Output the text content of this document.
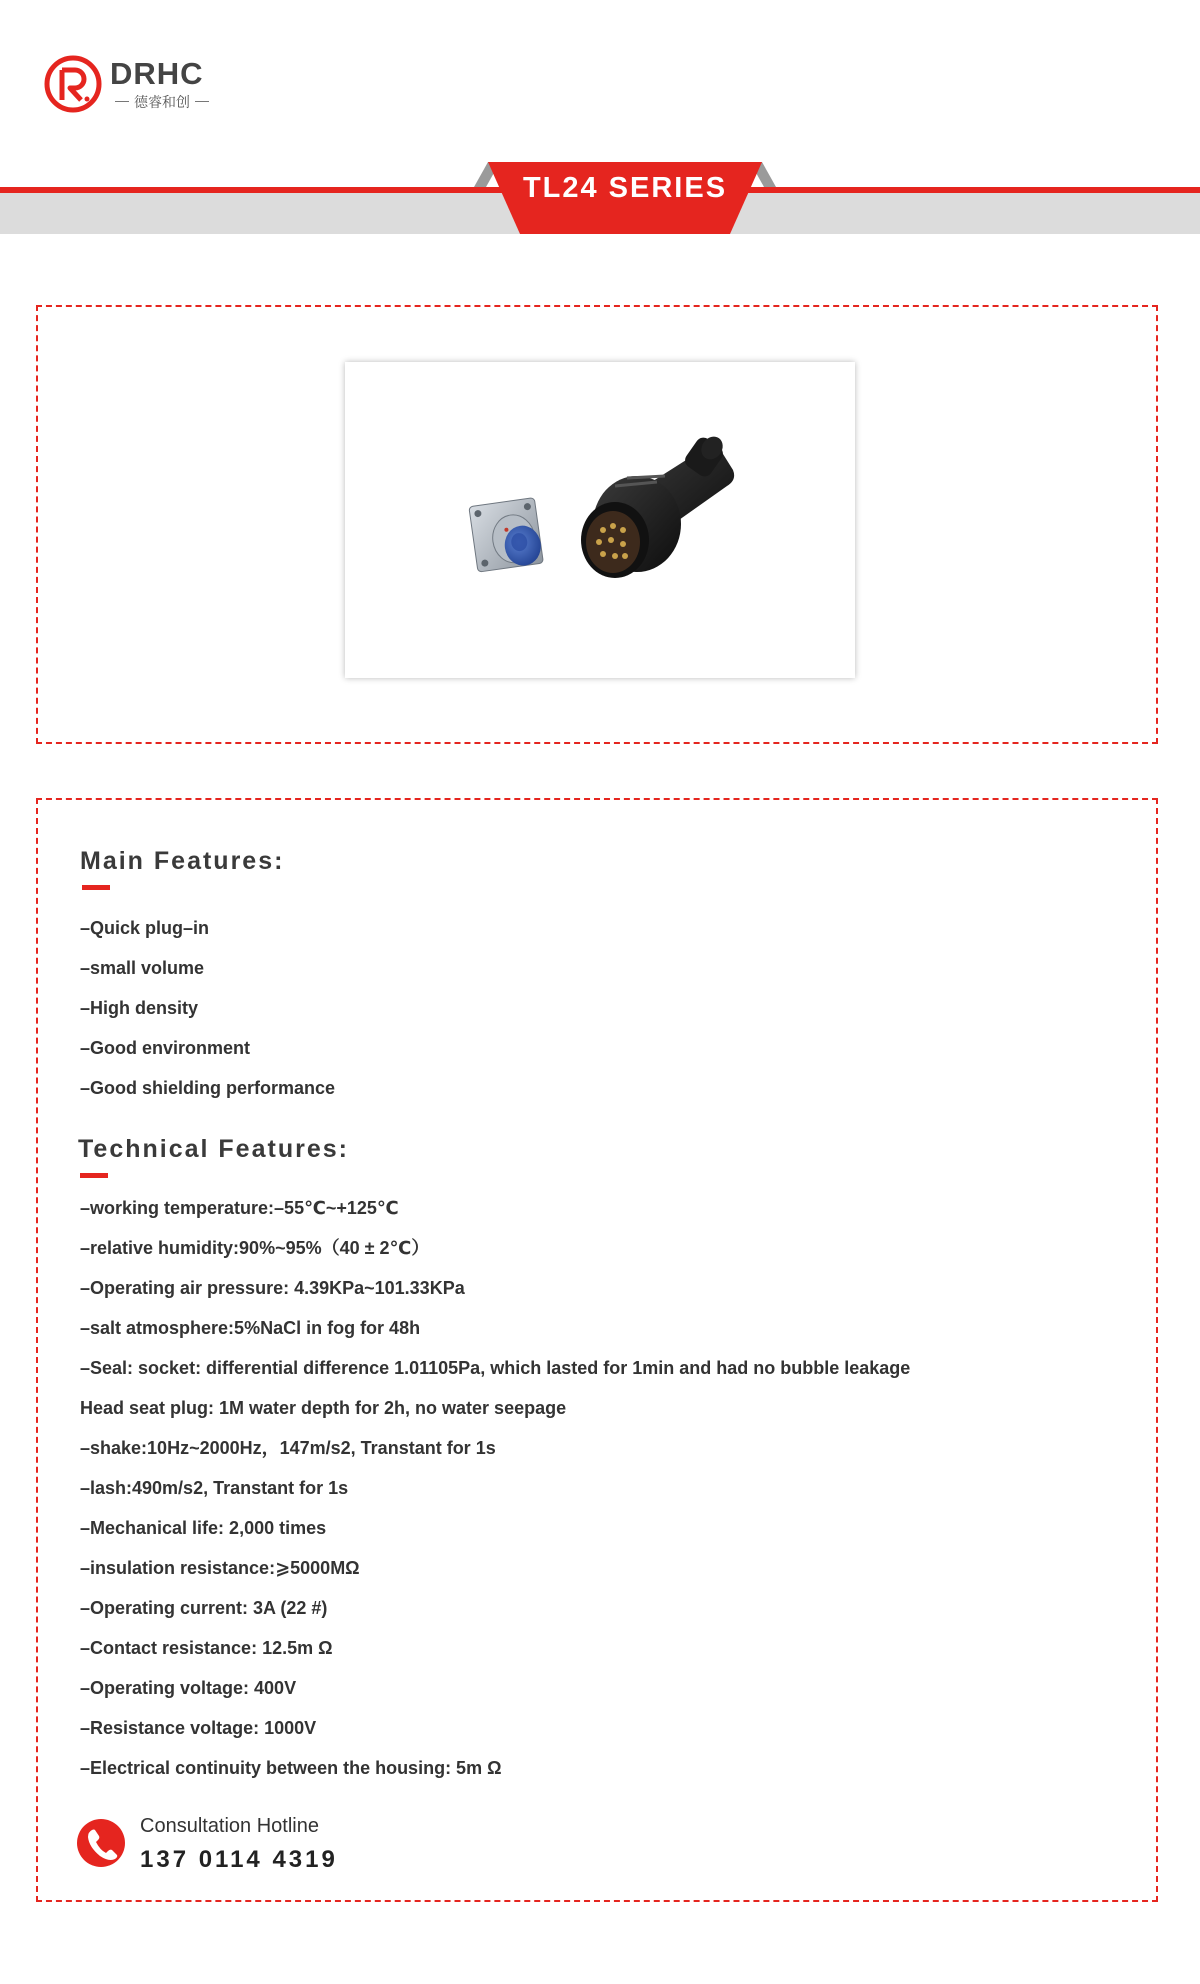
DRHC
德睿和创
TL24 SERIES
Main Features:
–Quick plug–in
–small volume
–High density
–Good environment
–Good shielding performance
Technical Features:
–working temperature:–55℃~+125℃
–relative humidity:90%~95%（40 ± 2℃）
–Operating air pressure: 4.39KPa~101.33KPa
–salt atmosphere:5%NaCl in fog for 48h
–Seal: socket: differential difference 1.01105Pa, which lasted for 1min and had no bubble leakage
Head seat plug: 1M water depth for 2h, no water seepage
–shake:10Hz~2000Hz，147m/s2, Transtant for 1s
–lash:490m/s2, Transtant for 1s
–Mechanical life: 2,000 times
–insulation resistance:⩾5000MΩ
–Operating current: 3A (22 #)
–Contact resistance: 12.5m Ω
–Operating voltage: 400V
–Resistance voltage: 1000V
–Electrical continuity between the housing: 5m Ω
Consultation Hotline
137 0114 4319
